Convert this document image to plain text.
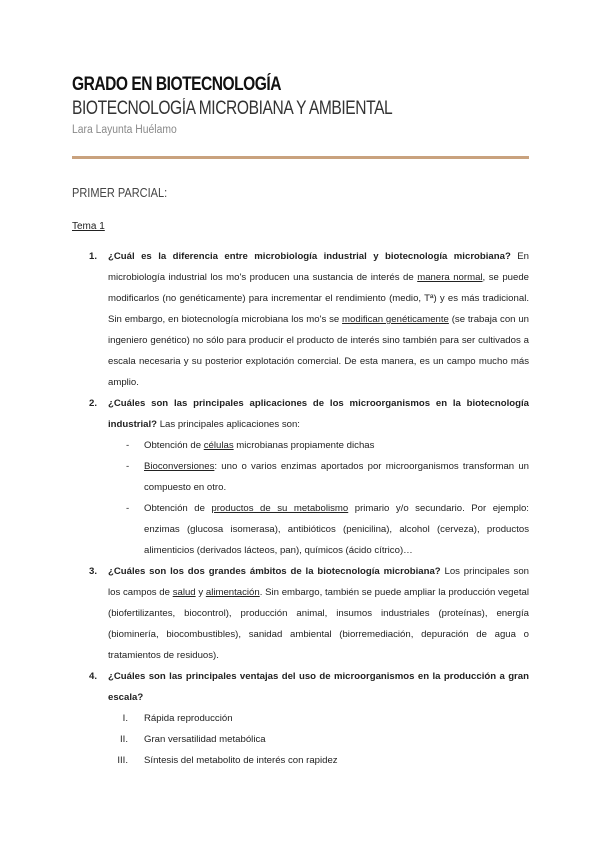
GRADO EN BIOTECNOLOGÍA
BIOTECNOLOGÍA MICROBIANA Y AMBIENTAL
Lara Layunta Huélamo
PRIMER PARCIAL:
Tema 1
1. ¿Cuál es la diferencia entre microbiología industrial y biotecnología microbiana? En microbiología industrial los mo's producen una sustancia de interés de manera normal, se puede modificarlos (no genéticamente) para incrementar el rendimiento (medio, Tª) y es más tradicional. Sin embargo, en biotecnología microbiana los mo's se modifican genéticamente (se trabaja con un ingeniero genético) no sólo para producir el producto de interés sino también para ser cultivados a escala necesaria y su posterior explotación comercial. De esta manera, es un campo mucho más amplio.
2. ¿Cuáles son las principales aplicaciones de los microorganismos en la biotecnología industrial? Las principales aplicaciones son:
- Obtención de células microbianas propiamente dichas
- Bioconversiones: uno o varios enzimas aportados por microorganismos transforman un compuesto en otro.
- Obtención de productos de su metabolismo primario y/o secundario. Por ejemplo: enzimas (glucosa isomerasa), antibióticos (penicilina), alcohol (cerveza), productos alimenticios (derivados lácteos, pan), químicos (ácido cítrico)…
3. ¿Cuáles son los dos grandes ámbitos de la biotecnología microbiana? Los principales son los campos de salud y alimentación. Sin embargo, también se puede ampliar la producción vegetal (biofertilizantes, biocontrol), producción animal, insumos industriales (proteínas), energía (biominería, biocombustibles), sanidad ambiental (biorremediación, depuración de agua o tratamientos de residuos).
4. ¿Cuáles son las principales ventajas del uso de microorganismos en la producción a gran escala?
I. Rápida reproducción
II. Gran versatilidad metabólica
III. Síntesis del metabolito de interés con rapidez
